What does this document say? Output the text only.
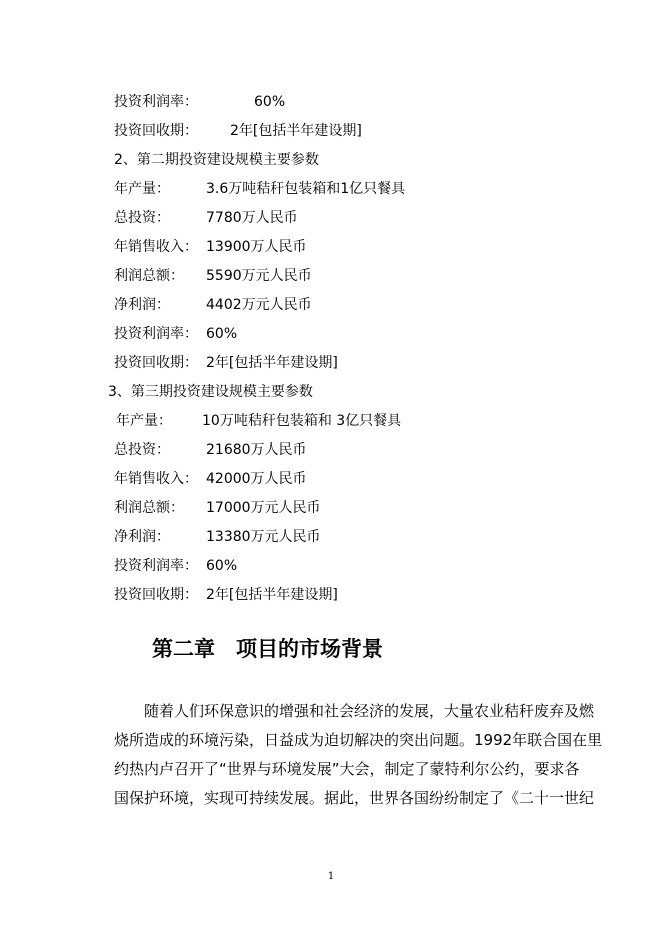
投资利润率：	60%
投资回收期： 2年[包括半年建设期]
2、第二期投资建设规模主要参数
年产量：	3.6万吨秸秆包装箱和1亿只餐具
总投资：	7780万人民币
年销售收入： 13900万人民币
利润总额： 5590万元人民币
净利润：	4402万元人民币
投资利润率： 60%
投资回收期： 2年[包括半年建设期]
3、第三期投资建设规模主要参数
年产量： 10万吨秸秆包装箱和 3亿只餐具
总投资：	21680万人民币
年销售收入： 42000万人民币
利润总额： 17000万元人民币
净利润：	13380万元人民币
投资利润率： 60%
投资回收期： 2年[包括半年建设期]
第二章　项目的市场背景
随着人们环保意识的增强和社会经济的发展，大量农业秸秆废弃及燃
烧所造成的环境污染，日益成为迫切解决的突出问题。1992年联合国在里
约热内卢召开了“世界与环境发展”大会，制定了蒙特利尔公约，要求各
国保护环境，实现可持续发展。据此，世界各国纷纷制定了《二十一世纪
1
